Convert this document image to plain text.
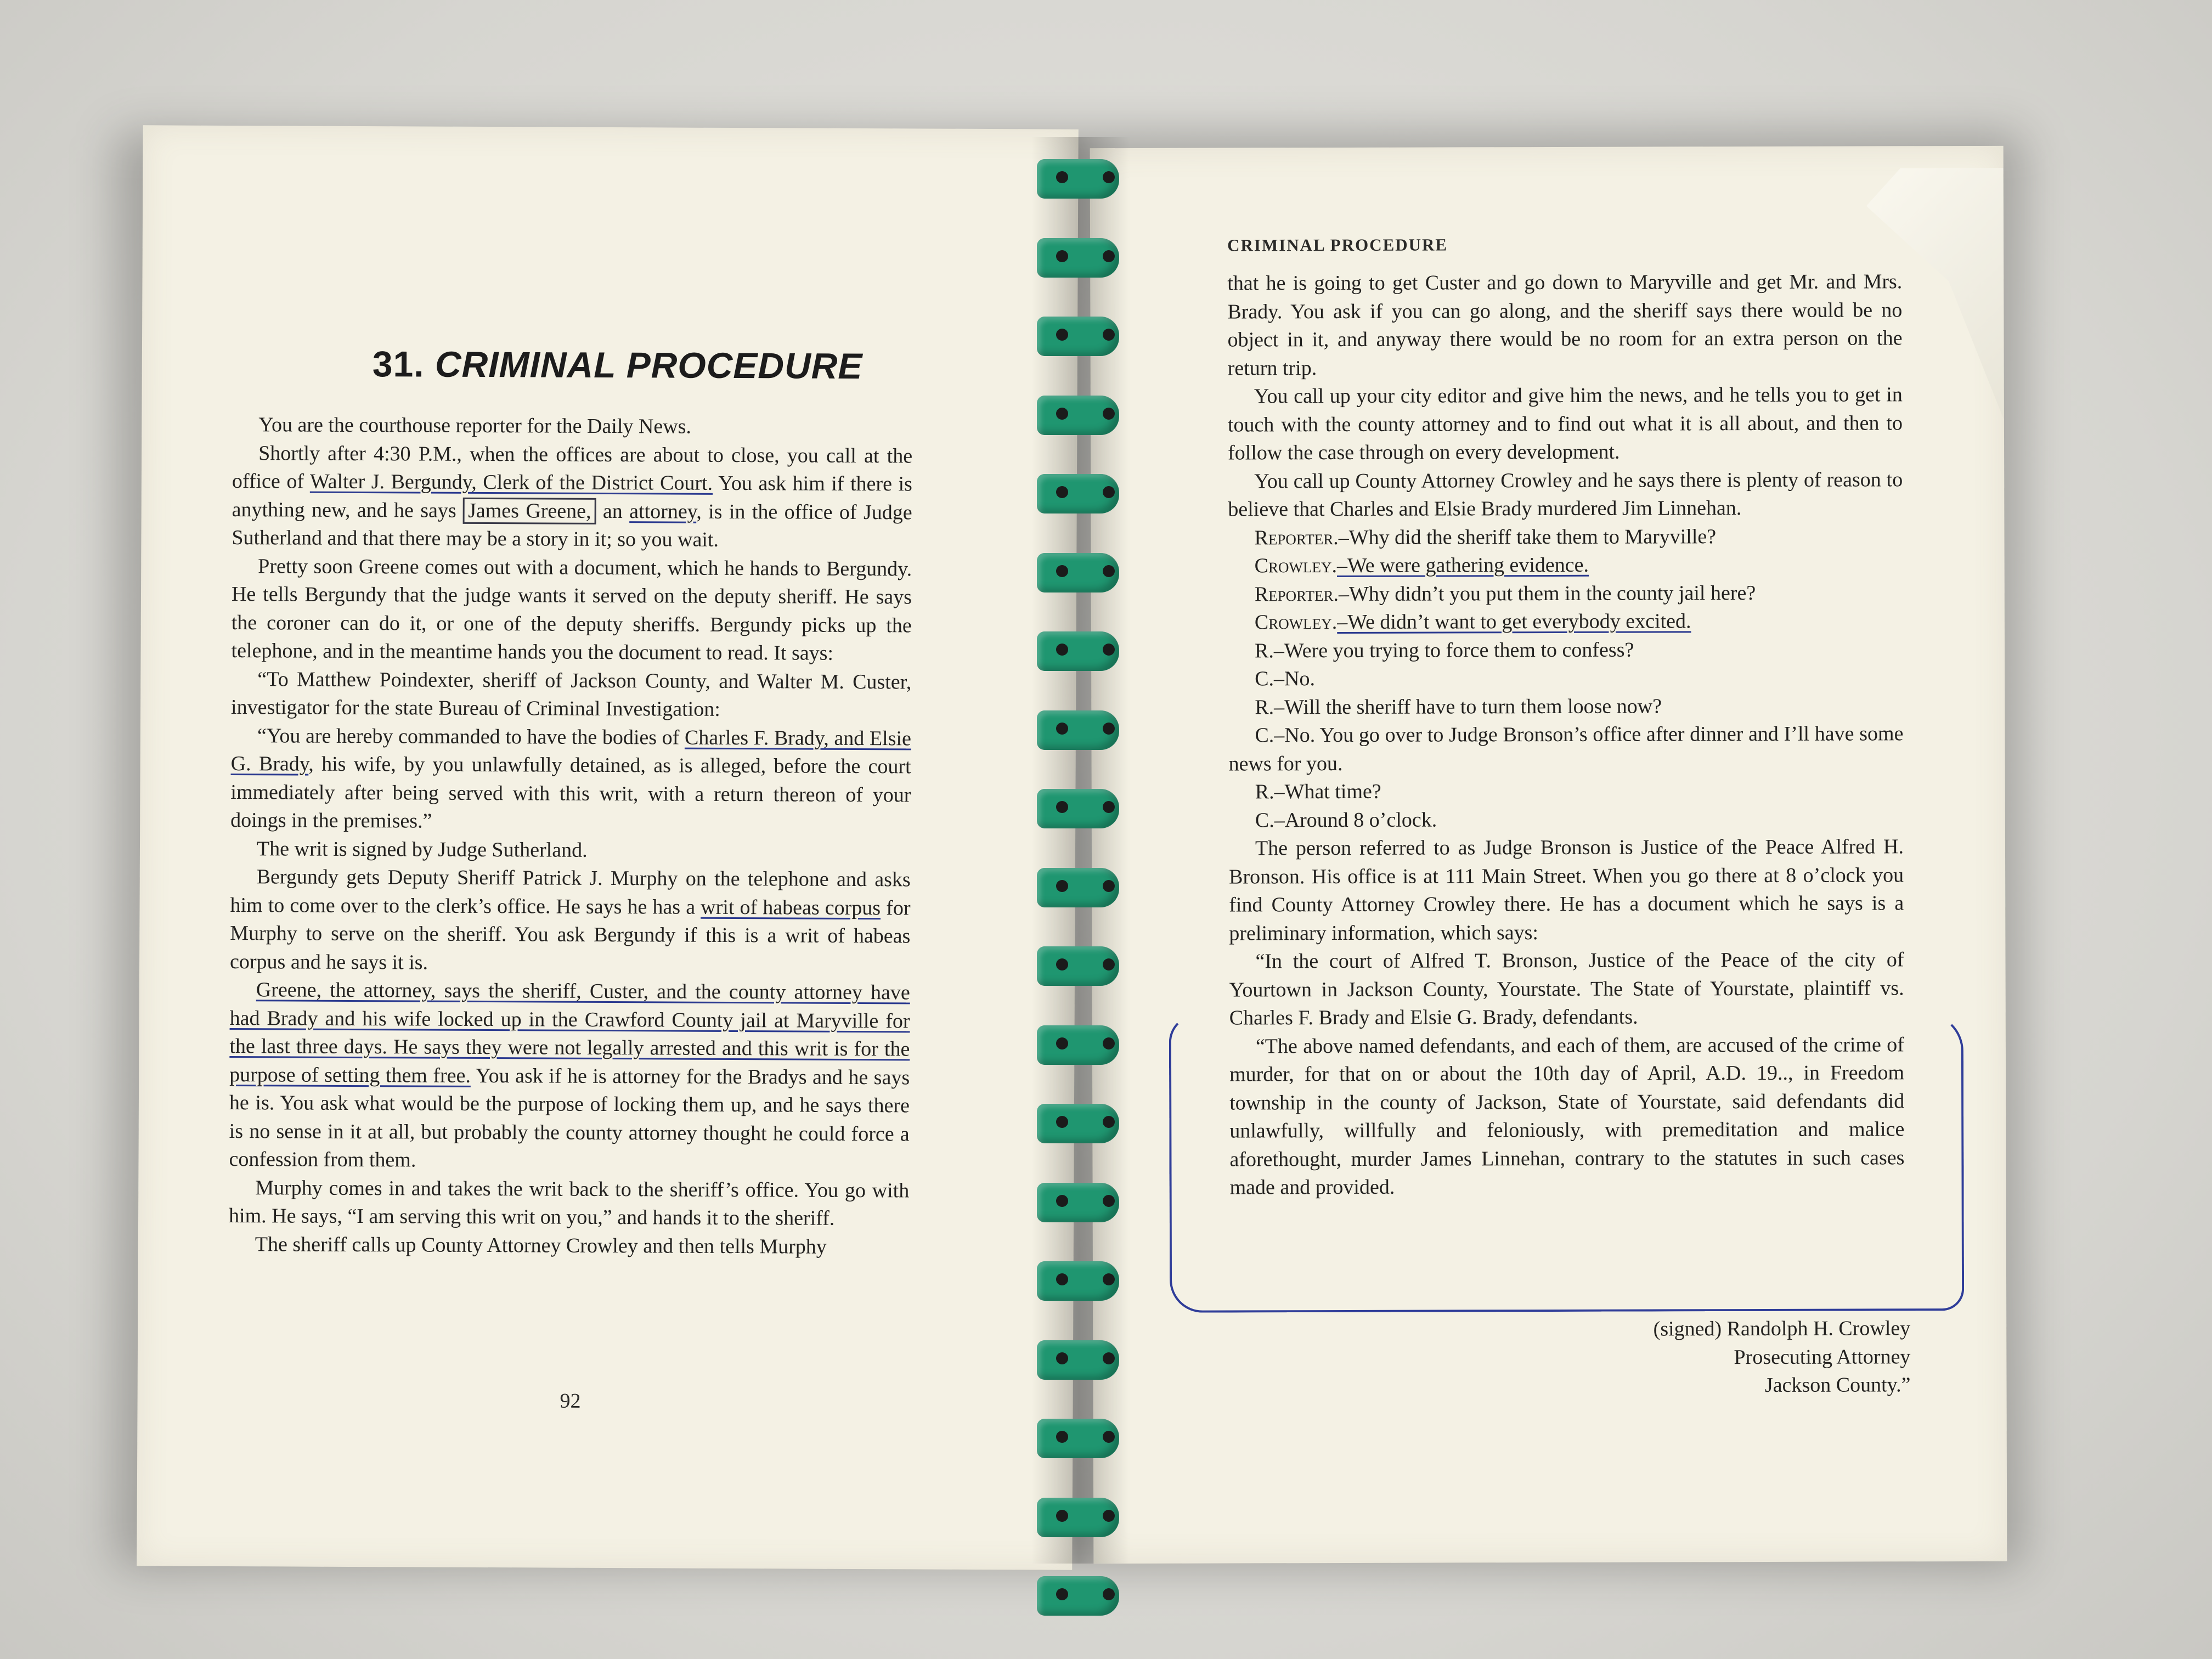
31. CRIMINAL PROCEDURE

You are the courthouse reporter for the Daily News.

Shortly after 4:30 P.M., when the offices are about to close, you call at the office of Walter J. Bergundy, Clerk of the District Court. You ask him if there is anything new, and he says James Greene, an attorney, is in the office of Judge Sutherland and that there may be a story in it; so you wait.

Pretty soon Greene comes out with a document, which he hands to Bergundy. He tells Bergundy that the judge wants it served on the deputy sheriff. He says the coroner can do it, or one of the deputy sheriffs. Bergundy picks up the telephone, and in the meantime hands you the document to read. It says:

“To Matthew Poindexter, sheriff of Jackson County, and Walter M. Custer, investigator for the state Bureau of Criminal Investigation:

“You are hereby commanded to have the bodies of Charles F. Brady, and Elsie G. Brady, his wife, by you unlawfully detained, as is alleged, before the court immediately after being served with this writ, with a return thereon of your doings in the premises.”

The writ is signed by Judge Sutherland.

Bergundy gets Deputy Sheriff Patrick J. Murphy on the telephone and asks him to come over to the clerk’s office. He says he has a writ of habeas corpus for Murphy to serve on the sheriff. You ask Bergundy if this is a writ of habeas corpus and he says it is.

Greene, the attorney, says the sheriff, Custer, and the county attorney have had Brady and his wife locked up in the Crawford County jail at Maryville for the last three days. He says they were not legally arrested and this writ is for the purpose of setting them free. You ask if he is attorney for the Bradys and he says he is. You ask what would be the purpose of locking them up, and he says there is no sense in it at all, but probably the county attorney thought he could force a confession from them.

Murphy comes in and takes the writ back to the sheriff’s office. You go with him. He says, “I am serving this writ on you,” and hands it to the sheriff.

The sheriff calls up County Attorney Crowley and then tells Murphy

92
CRIMINAL PROCEDURE

that he is going to get Custer and go down to Maryville and get Mr. and Mrs. Brady. You ask if you can go along, and the sheriff says there would be no object in it, and anyway there would be no room for an extra person on the return trip.

You call up your city editor and give him the news, and he tells you to get in touch with the county attorney and to find out what it is all about, and then to follow the case through on every development.

You call up County Attorney Crowley and he says there is plenty of reason to believe that Charles and Elsie Brady murdered Jim Linnehan.

Reporter.–Why did the sheriff take them to Maryville?

Crowley.–We were gathering evidence.

Reporter.–Why didn’t you put them in the county jail here?

Crowley.–We didn’t want to get everybody excited.

R.–Were you trying to force them to confess?

C.–No.

R.–Will the sheriff have to turn them loose now?

C.–No. You go over to Judge Bronson’s office after dinner and I’ll have some news for you.

R.–What time?

C.–Around 8 o’clock.

The person referred to as Judge Bronson is Justice of the Peace Alfred H. Bronson. His office is at 111 Main Street. When you go there at 8 o’clock you find County Attorney Crowley there. He has a document which he says is a preliminary information, which says:

“In the court of Alfred T. Bronson, Justice of the Peace of the city of Yourtown in Jackson County, Yourstate. The State of Yourstate, plaintiff vs. Charles F. Brady and Elsie G. Brady, defendants.

“The above named defendants, and each of them, are accused of the crime of murder, for that on or about the 10th day of April, A.D. 19.., in Freedom township in the county of Jackson, State of Yourstate, said defendants did unlawfully, willfully and feloniously, with premeditation and malice aforethought, murder James Linnehan, contrary to the statutes in such cases made and provided.

(signed) Randolph H. Crowley
Prosecuting Attorney
Jackson County.”
